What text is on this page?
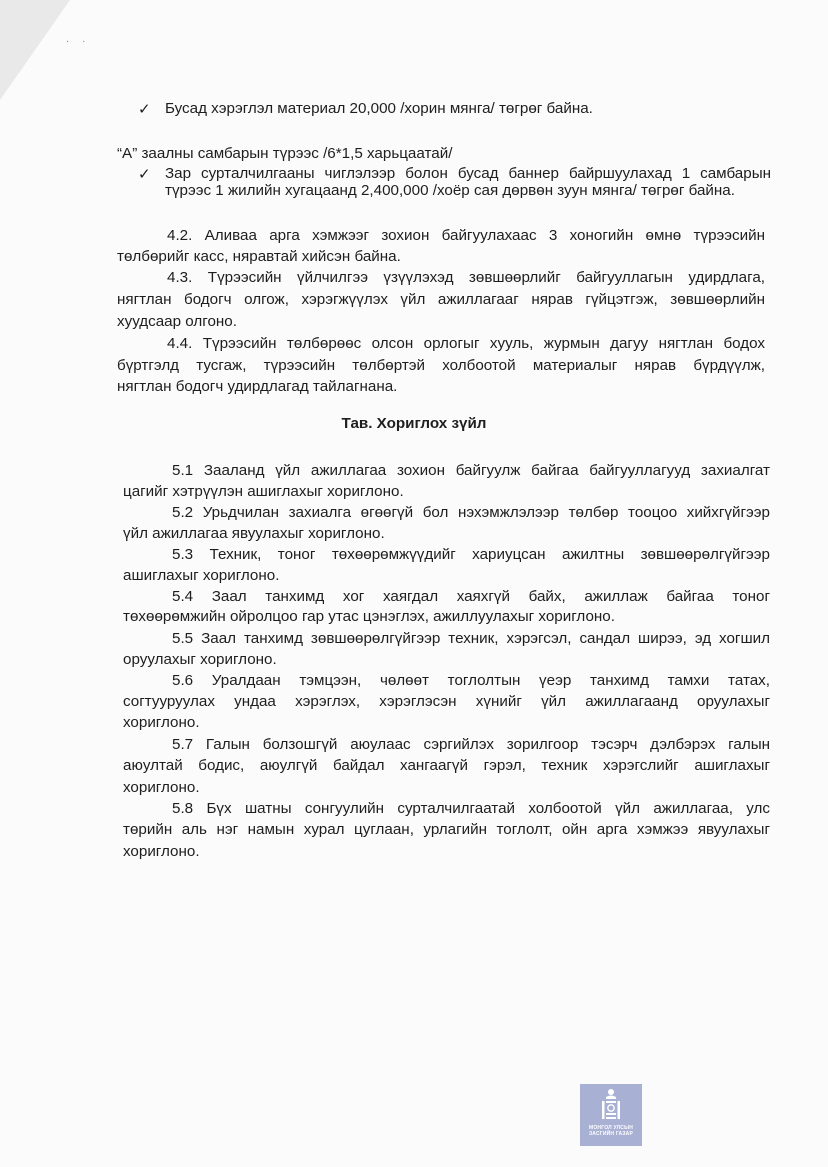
· ·
✓ Бусад хэрэглэл материал 20,000 /хорин мянга/ төгрөг байна.
“А” заалны самбарын түрээс /6*1,5 харьцаатай/
✓ Зар сурталчилгааны чиглэлээр болон бусад баннер байршуулахад 1 самбарын
түрээс 1 жилийн хугацаанд 2,400,000 /хоёр сая дөрвөн зуун мянга/ төгрөг байна.
4.2. Аливаа арга хэмжээг зохион байгуулахаас 3 хоногийн өмнө түрээсийн
төлбөрийг касс, няравтай хийсэн байна.
4.3. Түрээсийн үйлчилгээ үзүүлэхэд зөвшөөрлийг байгууллагын удирдлага,
нягтлан бодогч олгож, хэрэгжүүлэх үйл ажиллагааг нярав гүйцэтгэж, зөвшөөрлийн
хуудсаар олгоно.
4.4. Түрээсийн төлбөрөөс олсон орлогыг хууль, журмын дагуу нягтлан бодох
бүртгэлд тусгаж, түрээсийн төлбөртэй холбоотой материалыг нярав бүрдүүлж,
нягтлан бодогч удирдлагад тайлагнана.
Тав. Хориглох зүйл
5.1 Зааланд үйл ажиллагаа зохион байгуулж байгаа байгууллагууд захиалгат
цагийг хэтрүүлэн ашиглахыг хориглоно.
5.2 Урьдчилан захиалга өгөөгүй бол нэхэмжлэлээр төлбөр тооцоо хийхгүйгээр
үйл ажиллагаа явуулахыг хориглоно.
5.3 Техник, тоног төхөөрөмжүүдийг хариуцсан ажилтны зөвшөөрөлгүйгээр
ашиглахыг хориглоно.
5.4 Заал танхимд хог хаягдал хаяхгүй байх, ажиллаж байгаа тоног
төхөөрөмжийн ойролцоо гар утас цэнэглэх, ажиллуулахыг хориглоно.
5.5 Заал танхимд зөвшөөрөлгүйгээр техник, хэрэгсэл, сандал ширээ, эд хогшил
оруулахыг хориглоно.
5.6 Уралдаан тэмцээн, чөлөөт тоглолтын үеэр танхимд тамхи татах,
согтууруулах ундаа хэрэглэх, хэрэглэсэн хүнийг үйл ажиллагаанд оруулахыг
хориглоно.
5.7 Галын болзошгүй аюулаас сэргийлэх зорилгоор тэсэрч дэлбэрэх галын
аюултай бодис, аюулгүй байдал хангаагүй гэрэл, техник хэрэгслийг ашиглахыг
хориглоно.
5.8 Бүх шатны сонгуулийн сурталчилгаатай холбоотой үйл ажиллагаа, улс
төрийн аль нэг намын хурал цуглаан, урлагийн тоглолт, ойн арга хэмжээ явуулахыг
хориглоно.
МОНГОЛ УЛСЫН
ЗАСГИЙН ГАЗАР
